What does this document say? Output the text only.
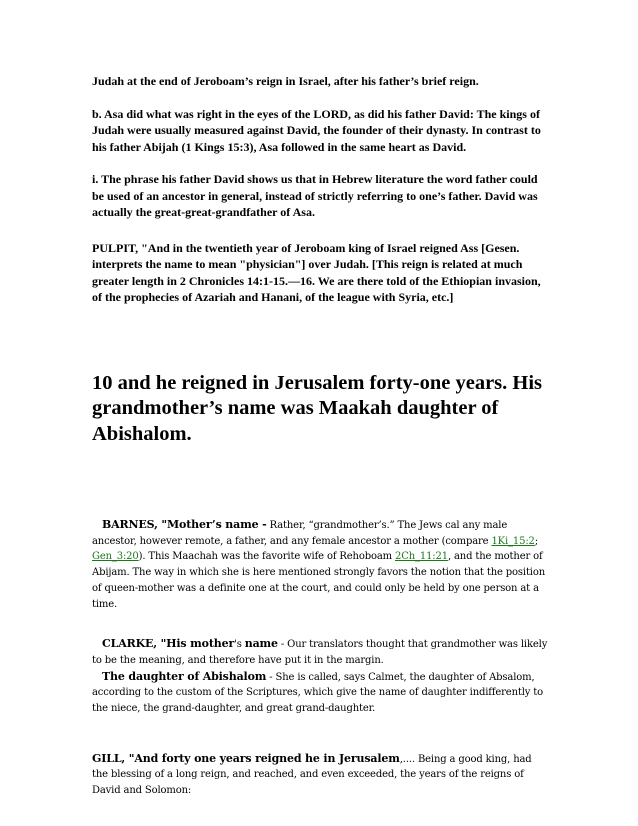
Judah at the end of Jeroboam’s reign in Israel, after his father’s brief reign.

b. Asa did what was right in the eyes of the LORD, as did his father David: The kings of Judah were usually measured against David, the founder of their dynasty. In contrast to his father Abijah (1 Kings 15:3), Asa followed in the same heart as David.

i. The phrase his father David shows us that in Hebrew literature the word father could be used of an ancestor in general, instead of strictly referring to one’s father. David was actually the great-great-grandfather of Asa.

PULPIT, "And in the twentieth year of Jeroboam king of Israel reigned Ass [Gesen. interprets the name to mean "physician"] over Judah. [This reign is related at much greater length in 2 Chronicles 14:1-15.—16. We are there told of the Ethiopian invasion, of the prophecies of Azariah and Hanani, of the league with Syria, etc.]

10 and he reigned in Jerusalem forty-one years. His grandmother’s name was Maakah daughter of Abishalom.

BARNES, "Mother’s name - Rather, “grandmother’s.” The Jews cal any male ancestor, however remote, a father, and any female ancestor a mother (compare 1Ki_15:2; Gen_3:20). This Maachah was the favorite wife of Rehoboam 2Ch_11:21, and the mother of Abijam. The way in which she is here mentioned strongly favors the notion that the position of queen-mother was a definite one at the court, and could only be held by one person at a time.

CLARKE, "His mother's name - Our translators thought that grandmother was likely to be the meaning, and therefore have put it in the margin.
The daughter of Abishalom - She is called, says Calmet, the daughter of Absalom, according to the custom of the Scriptures, which give the name of daughter indifferently to the niece, the grand-daughter, and great grand-daughter.

GILL, "And forty one years reigned he in Jerusalem,.... Being a good king, had the blessing of a long reign, and reached, and even exceeded, the years of the reigns of David and Solomon:
